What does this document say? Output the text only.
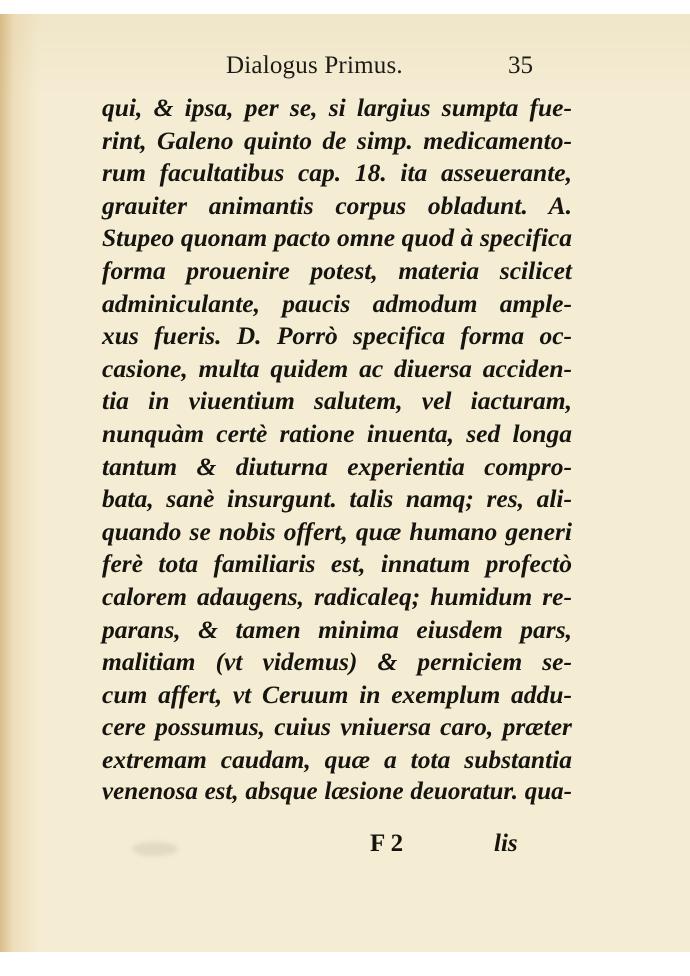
Dialogus Primus.	35
qui, & ipsa, per se, si largius sumpta fue-
rint, Galeno quinto de simp. medicamento-
rum facultatibus cap. 18. ita asseuerante,
grauiter animantis corpus obladunt. A.
Stupeo quonam pacto omne quod à specifica
forma prouenire potest, materia scilicet
adminiculante, paucis admodum ample-
xus fueris. D. Porrò specifica forma oc-
casione, multa quidem ac diuersa acciden-
tia in viuentium salutem, vel iacturam,
nunquàm certè ratione inuenta, sed longa
tantum & diuturna experientia compro-
bata, sanè insurgunt. talis namq; res, ali-
quando se nobis offert, quæ humano generi
ferè tota familiaris est, innatum profectò
calorem adaugens, radicaleq; humidum re-
parans, & tamen minima eiusdem pars,
malitiam (vt videmus) & perniciem se-
cum affert, vt Ceruum in exemplum addu-
cere possumus, cuius vniuersa caro, præter
extremam caudam, quæ a tota substantia
venenosa est, absque læsione deuoratur. qua-
F 2	lis
